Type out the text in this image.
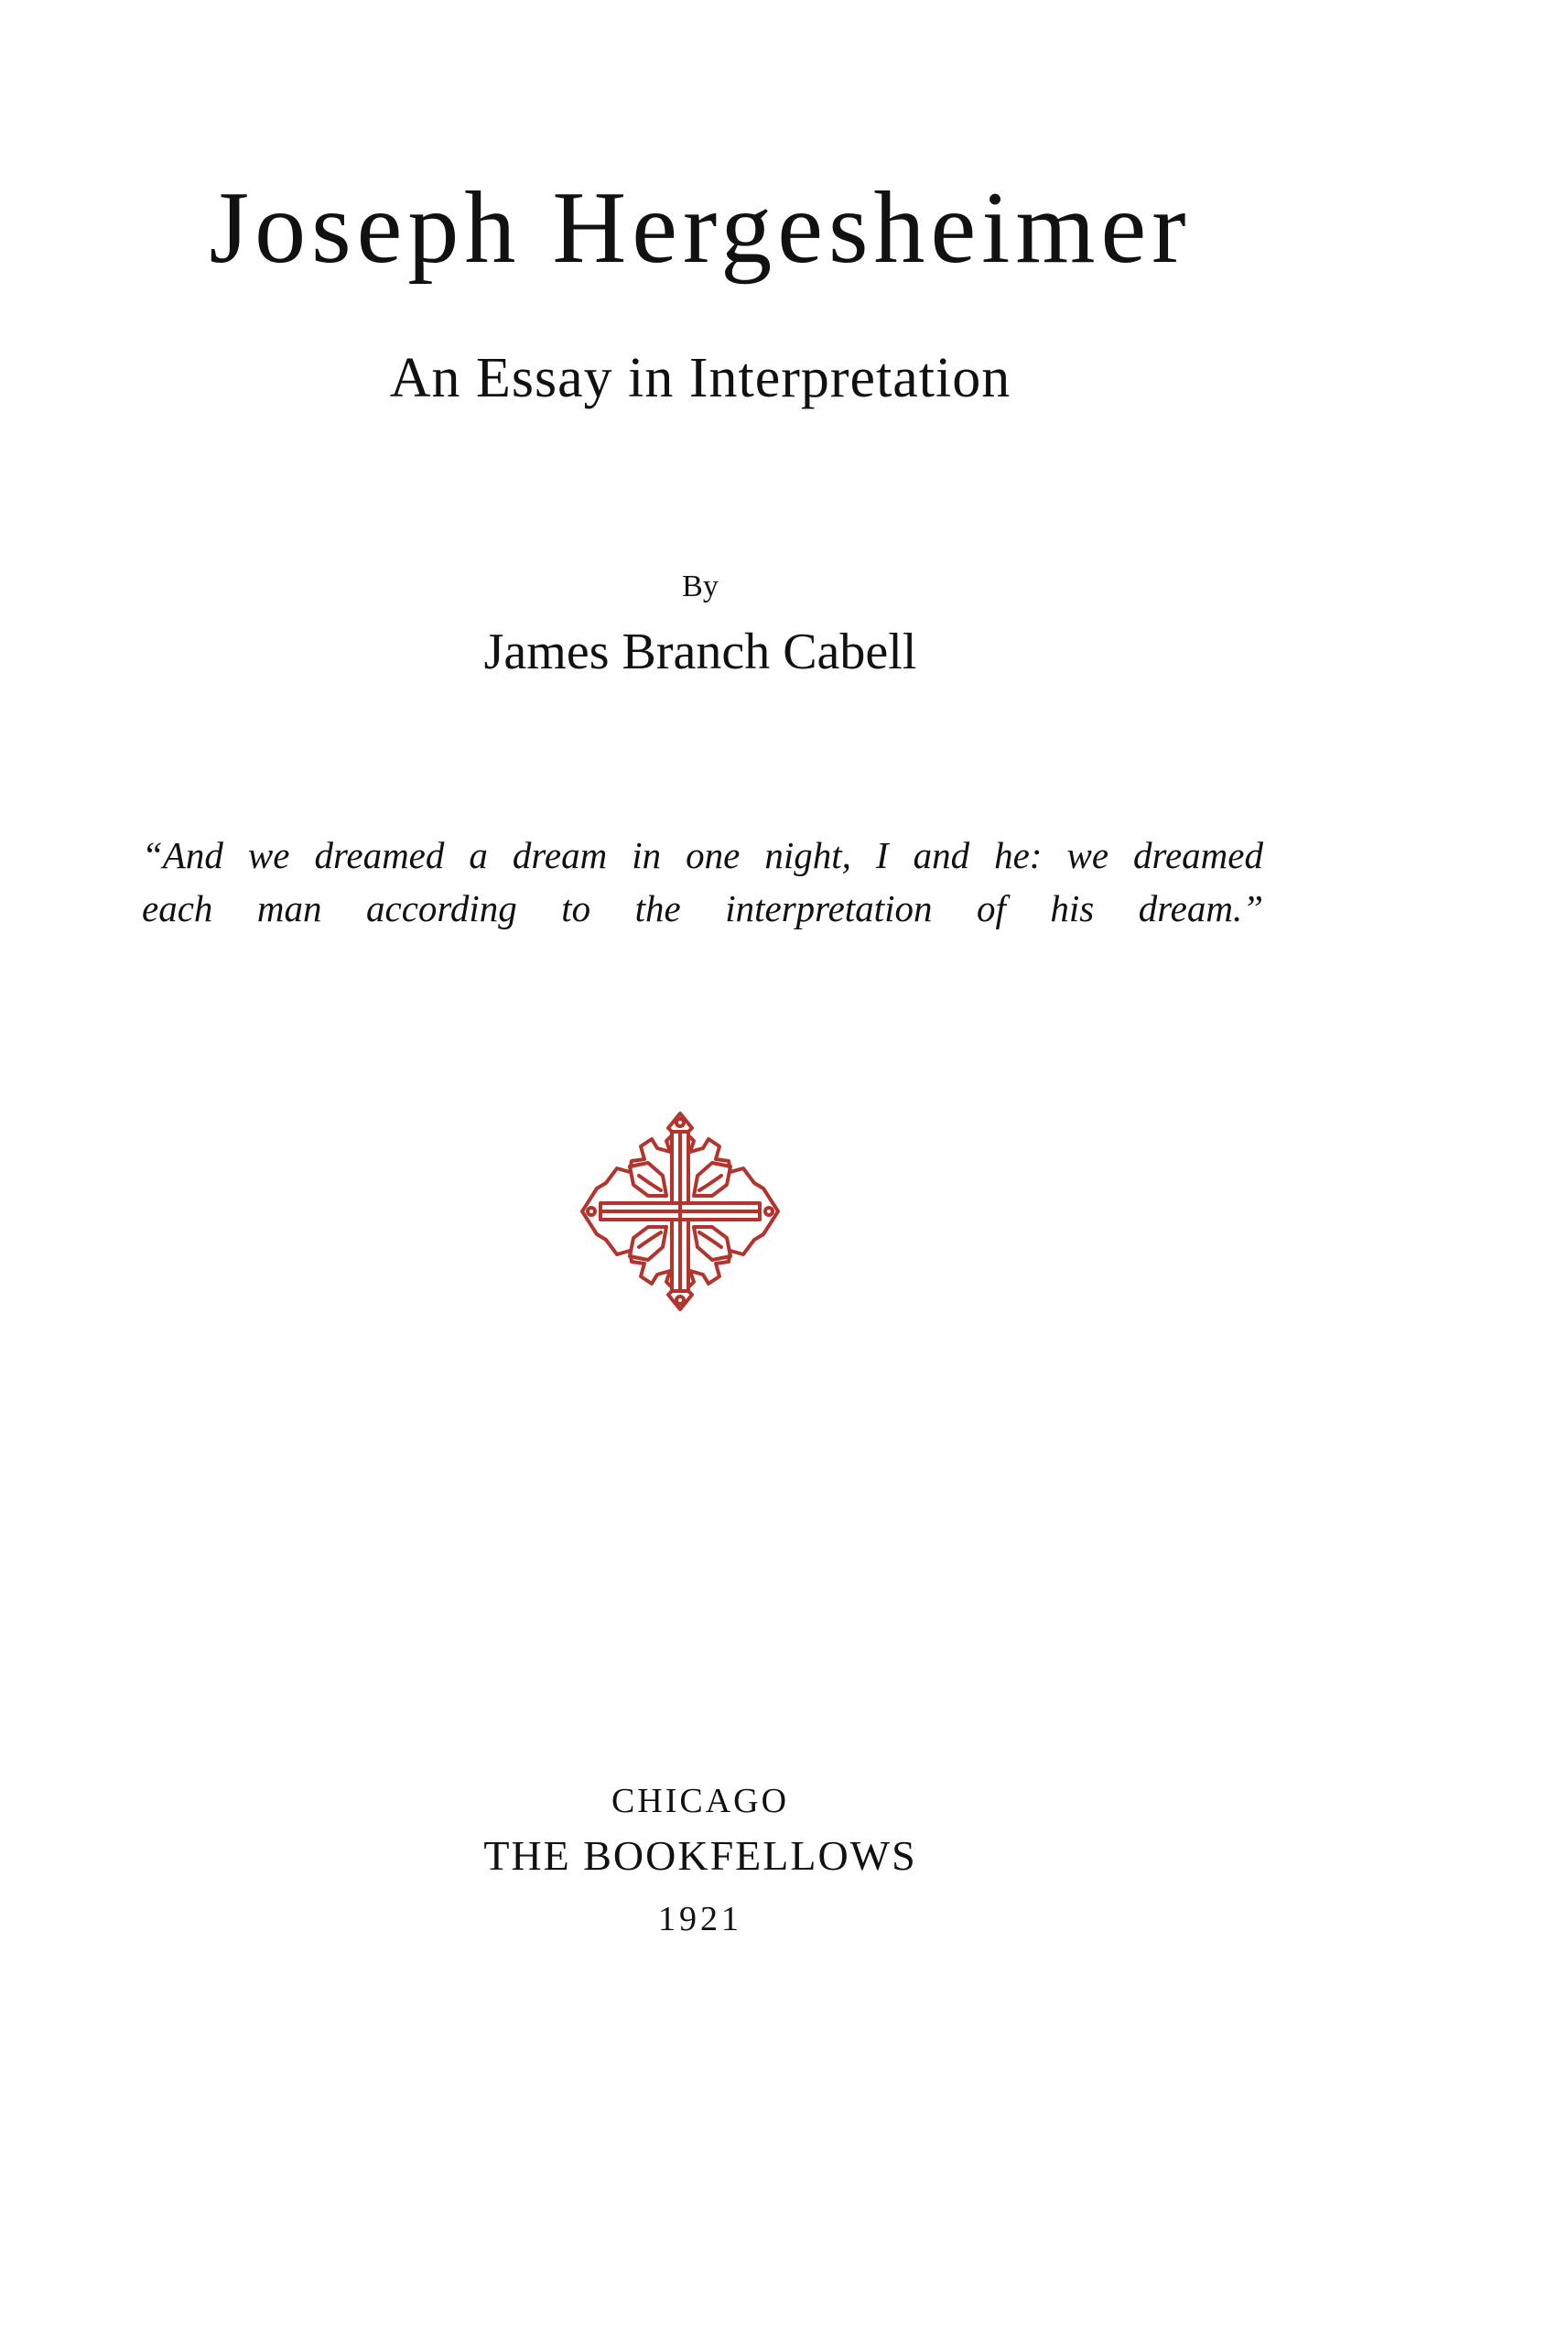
Joseph Hergesheimer
An Essay in Interpretation
By
James Branch Cabell
“And we dreamed a dream in one night, I and he: we dreamed
each man according to the interpretation of his dream.”
CHICAGO
THE BOOKFELLOWS
1921
